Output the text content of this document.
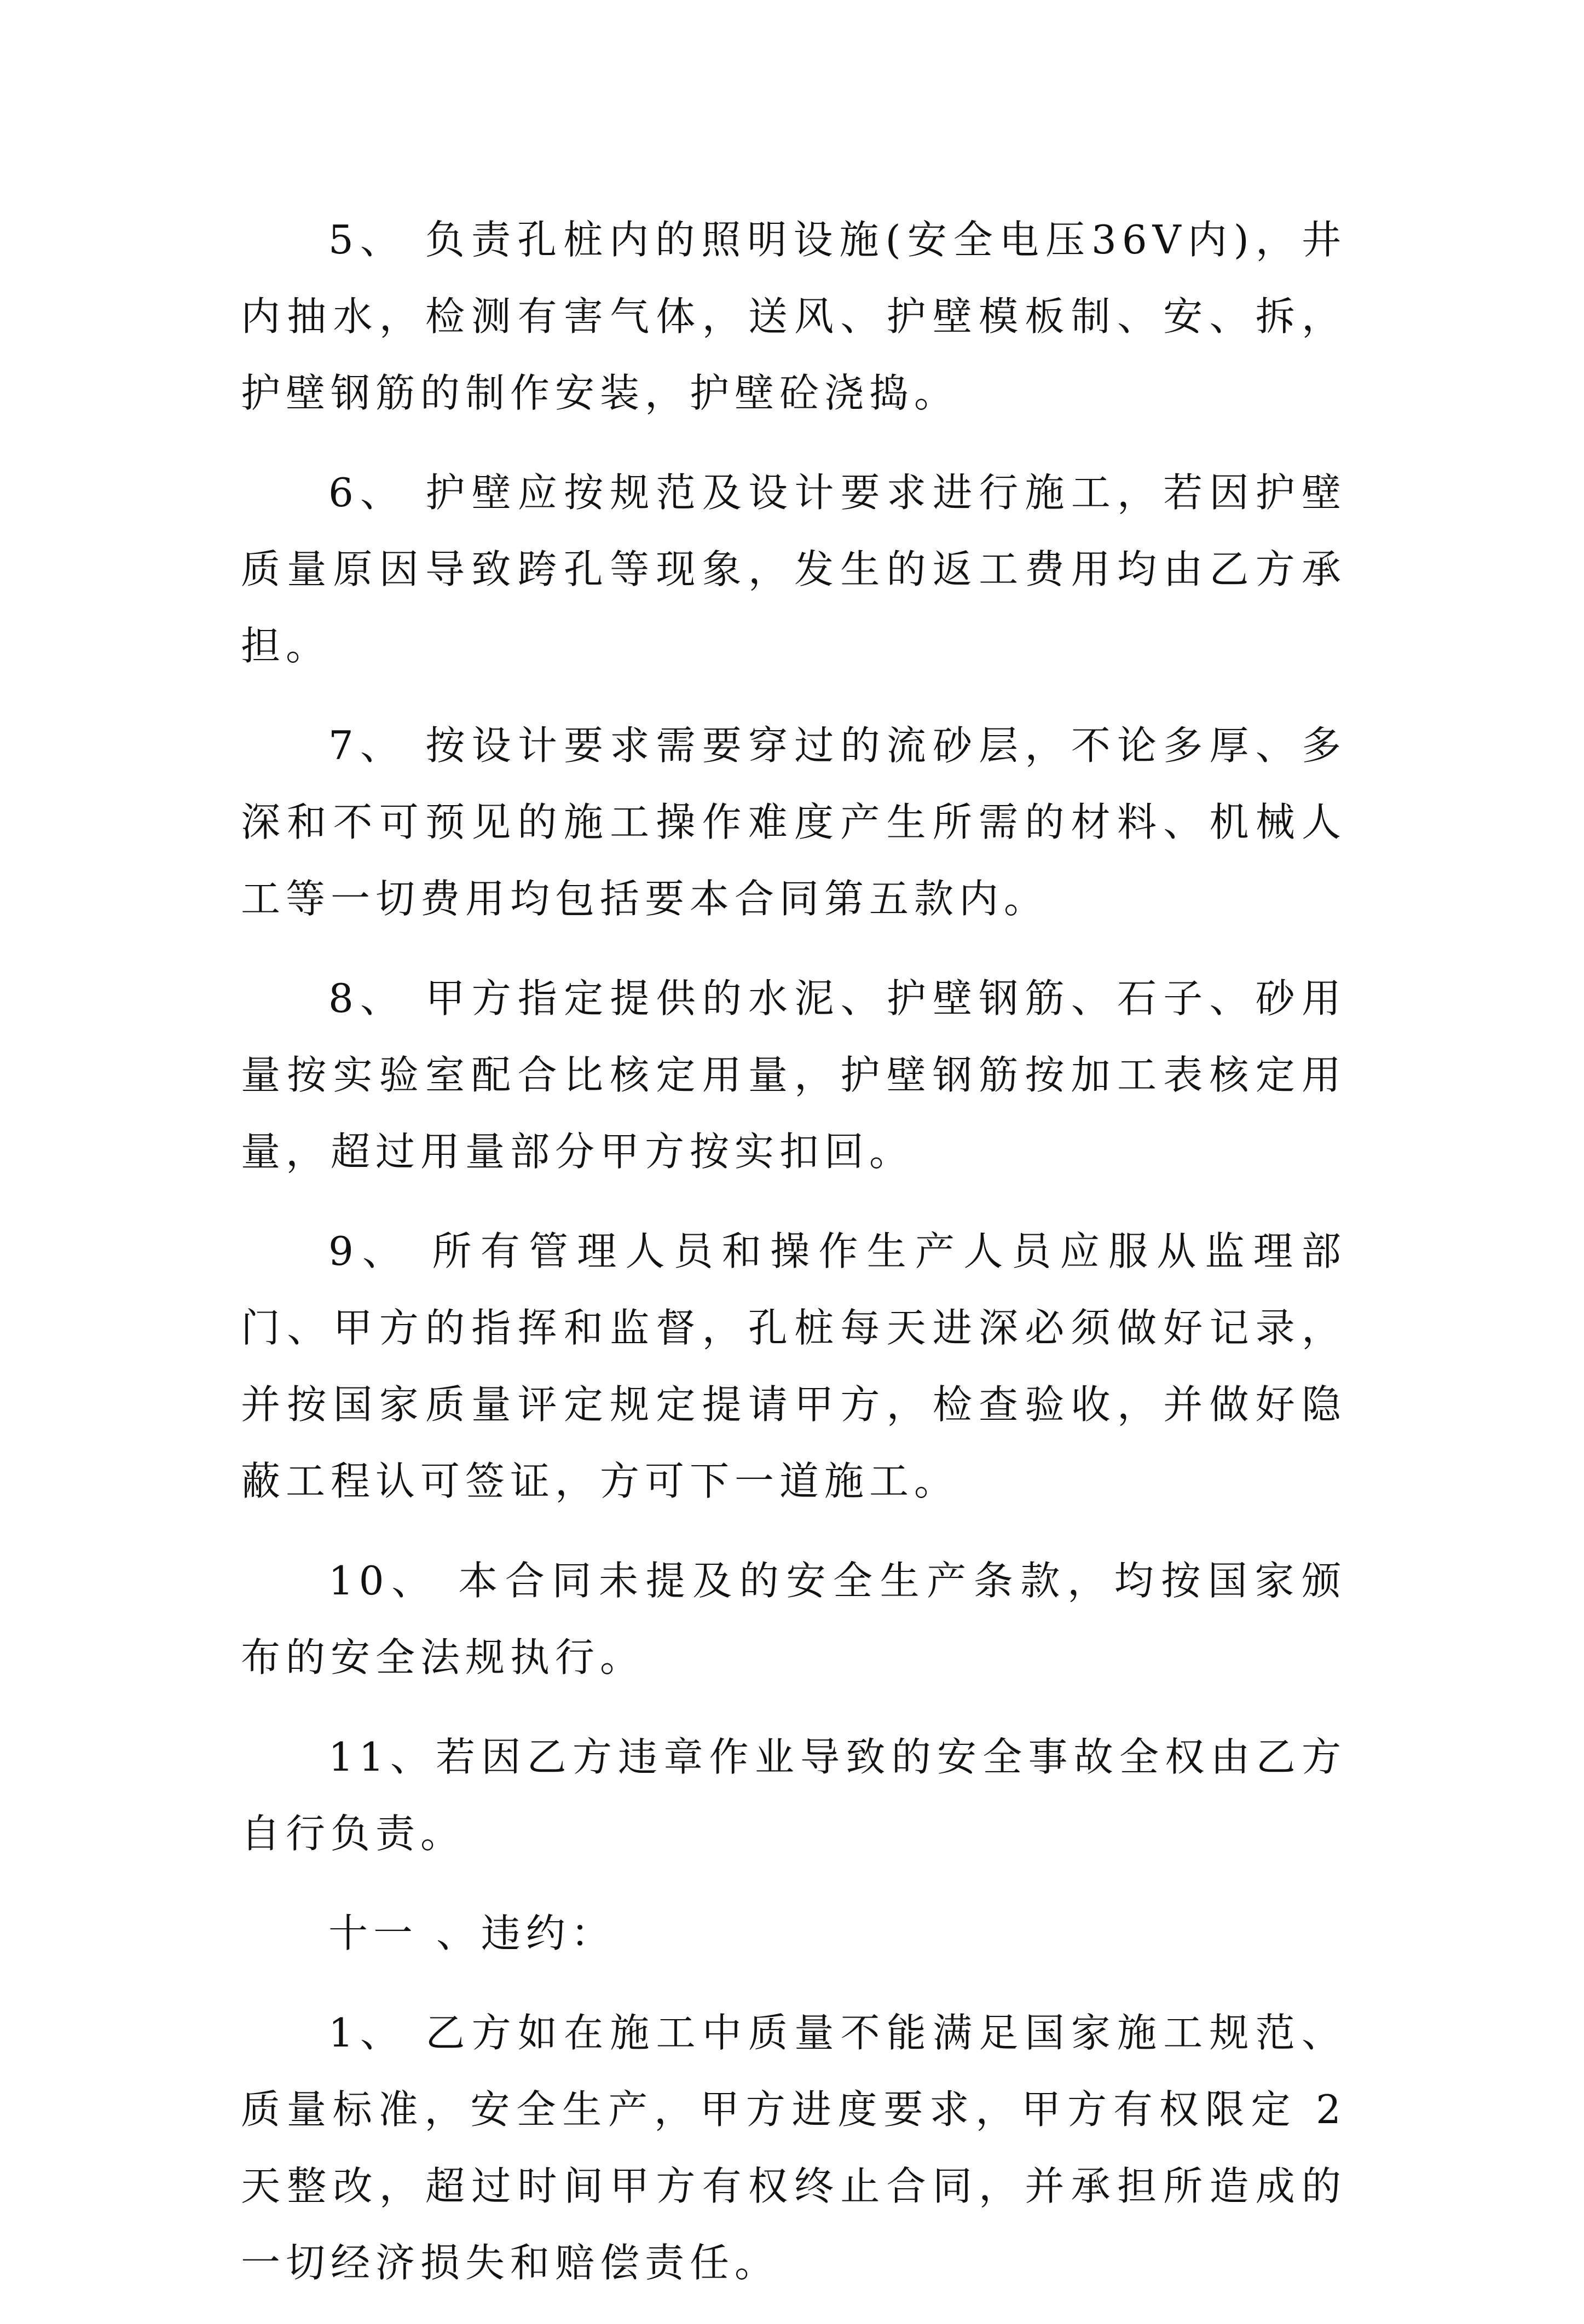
5、 负责孔桩内的照明设施(安全电压36V内)，井内抽水，检测有害气体，送风、护壁模板制、安、拆，护壁钢筋的制作安装，护壁砼浇捣。

6、 护壁应按规范及设计要求进行施工，若因护壁质量原因导致跨孔等现象，发生的返工费用均由乙方承担。

7、 按设计要求需要穿过的流砂层，不论多厚、多深和不可预见的施工操作难度产生所需的材料、机械人工等一切费用均包括要本合同第五款内。

8、 甲方指定提供的水泥、护壁钢筋、石子、砂用量按实验室配合比核定用量，护壁钢筋按加工表核定用量，超过用量部分甲方按实扣回。

9、 所有管理人员和操作生产人员应服从监理部门、甲方的指挥和监督，孔桩每天进深必须做好记录，并按国家质量评定规定提请甲方，检查验收，并做好隐蔽工程认可签证，方可下一道施工。

10、 本合同未提及的安全生产条款，均按国家颁布的安全法规执行。

11、若因乙方违章作业导致的安全事故全权由乙方自行负责。

十一 、违约：

1、 乙方如在施工中质量不能满足国家施工规范、质量标准，安全生产，甲方进度要求，甲方有权限定 2天整改，超过时间甲方有权终止合同，并承担所造成的一切经济损失和赔偿责任。
